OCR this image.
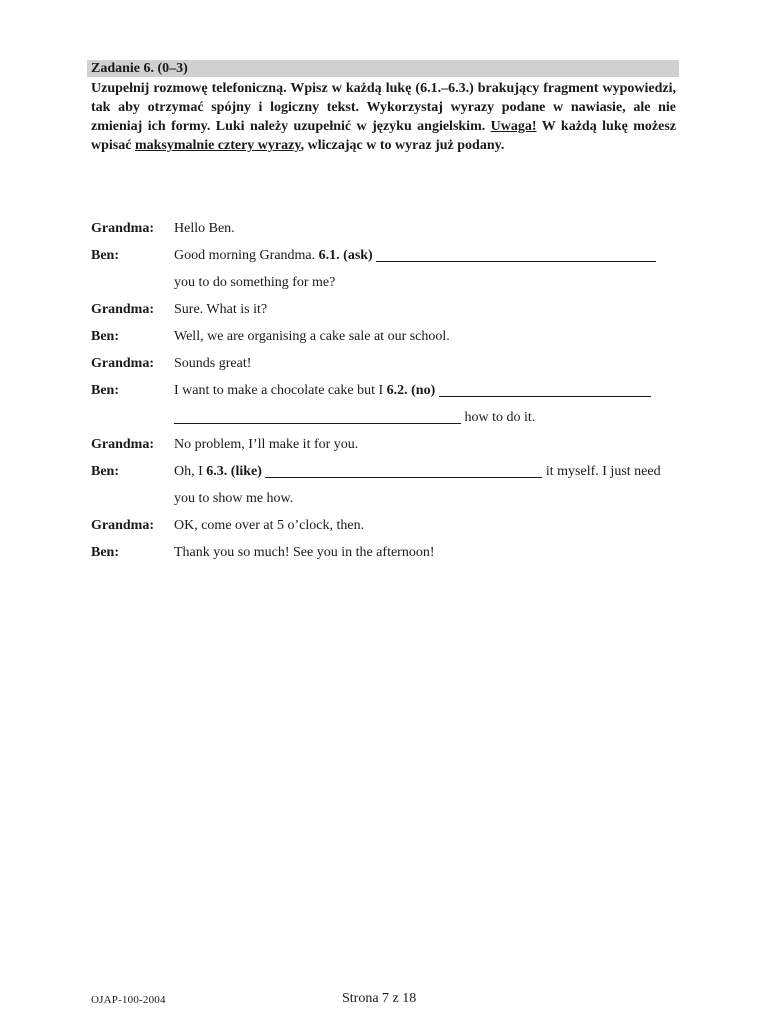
Zadanie 6. (0–3)
Uzupełnij rozmowę telefoniczną. Wpisz w każdą lukę (6.1.–6.3.) brakujący fragment wypowiedzi, tak aby otrzymać spójny i logiczny tekst. Wykorzystaj wyrazy podane w nawiasie, ale nie zmieniaj ich formy. Luki należy uzupełnić w języku angielskim. Uwaga! W każdą lukę możesz wpisać maksymalnie cztery wyrazy, wliczając w to wyraz już podany.
Grandma: Hello Ben.
Ben:	Good morning Grandma. 6.1. (ask)
you to do something for me?
Grandma: Sure. What is it?
Ben:	Well, we are organising a cake sale at our school.
Grandma: Sounds great!
Ben:	I want to make a chocolate cake but I 6.2. (no)
how to do it.
Grandma: No problem, I’ll make it for you.
Ben:	Oh, I 6.3. (like)	it myself. I just need
you to show me how.
Grandma: OK, come over at 5 o’clock, then.
Ben:	Thank you so much! See you in the afternoon!
OJAP-100-2004	Strona 7 z 18
